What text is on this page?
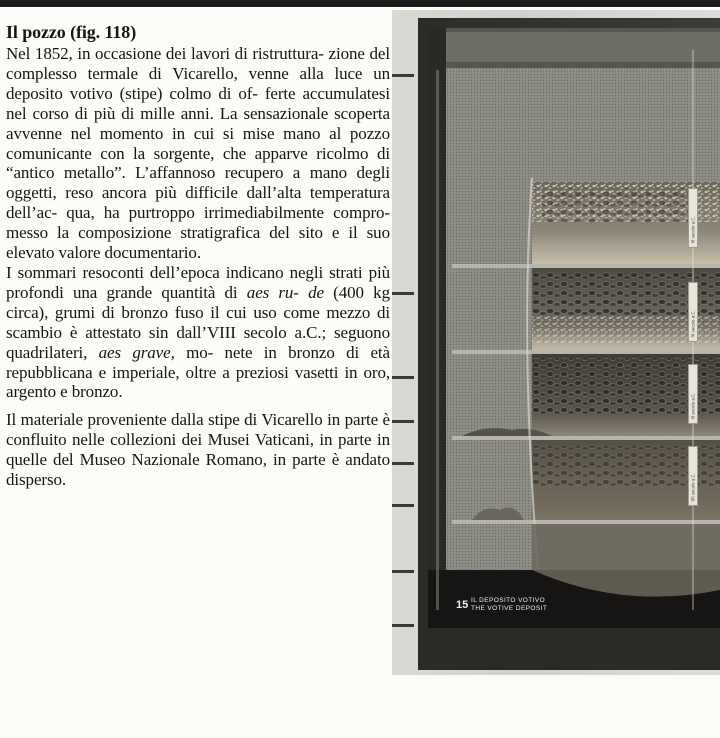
Il pozzo (fig. 118)

Nel 1852, in occasione dei lavori di ristruttura- zione del complesso termale di Vicarello, venne alla luce un deposito votivo (stipe) colmo di of- ferte accumulatesi nel corso di più di mille anni. La sensazionale scoperta avvenne nel momento in cui si mise mano al pozzo comunicante con la sorgente, che apparve ricolmo di “antico metallo”. L’affannoso recupero a mano degli oggetti, reso ancora più difficile dall’alta temperatura dell’ac- qua, ha purtroppo irrimediabilmente compro- messo la composizione stratigrafica del sito e il suo elevato valore documentario.

I sommari resoconti dell’epoca indicano negli strati più profondi una grande quantità di aes ru- de (400 kg circa), grumi di bronzo fuso il cui uso come mezzo di scambio è attestato sin dall’VIII secolo a.C.; seguono quadrilateri, aes grave, mo- nete in bronzo di età repubblicana e imperiale, oltre a preziosi vasetti in oro, argento e bronzo.

Il materiale proveniente dalla stipe di Vicarello in parte è confluito nelle collezioni dei Musei Vaticani, in parte in quelle del Museo Nazionale Romano, in parte è andato disperso.

VI secolo a.C.
IV secolo a.C.
III secolo a.C.
VII secolo a.C.
15 IL DEPOSITO VOTIVO
THE VOTIVE DEPOSIT
